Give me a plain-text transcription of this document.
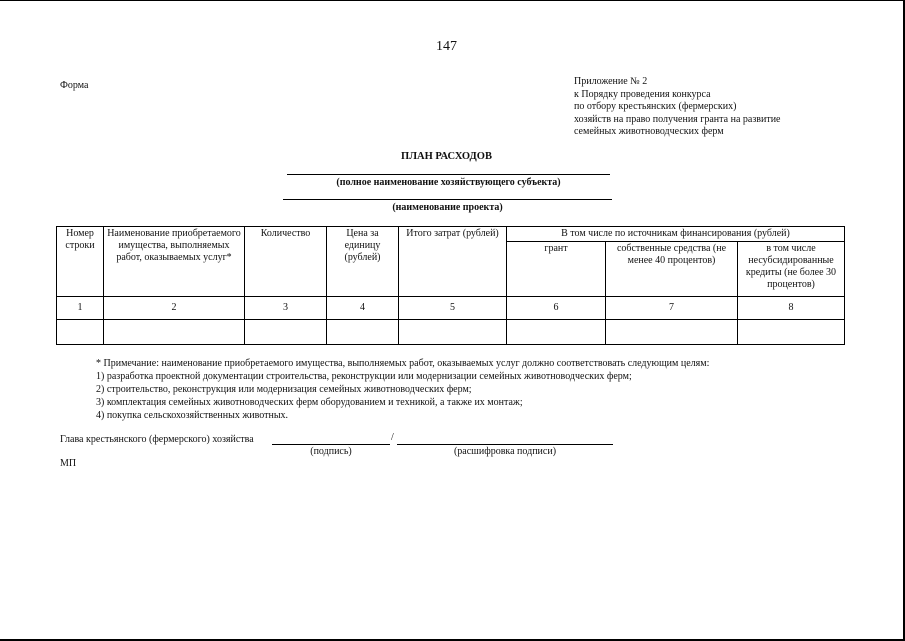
147
Форма	Приложение № 2
к Порядку проведения конкурса
по отбору крестьянских (фермерских)
хозяйств на право получения гранта на развитие
семейных животноводческих ферм
ПЛАН РАСХОДОВ
(полное наименование хозяйствующего субъекта)
(наименование проекта)
Номер строки	Наименование приобретаемого имущества, выполняемых работ, оказываемых услуг*	Количество	Цена за единицу (рублей)	Итого затрат (рублей)	В том числе по источникам финансирования (рублей)		
					грант	собственные средства (не менее 40 процентов)	в том числе несубсидированные кредиты (не более 30 процентов)
1	2	3	4	5	6	7	8

* Примечание: наименование приобретаемого имущества, выполняемых работ, оказываемых услуг должно соответствовать следующим целям:
1) разработка проектной документации строительства, реконструкции или модернизации семейных животноводческих ферм;
2) строительство, реконструкция или модернизация семейных животноводческих ферм;
3) комплектация семейных животноводческих ферм оборудованием и техникой, а также их монтаж;
4) покупка сельскохозяйственных животных.
Глава крестьянского (фермерского) хозяйства	/
(подпись)	(расшифровка подписи)
МП
